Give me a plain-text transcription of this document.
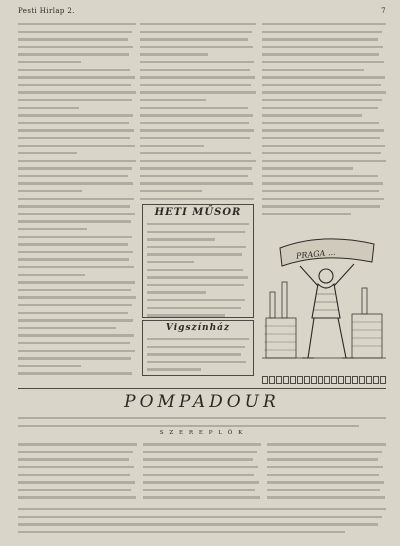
Pesti Hirlap 2.	7
HETI MŰSOR
Vigszínház
PRAGA ...
POMPADOUR
S Z E R E P L Ő K
